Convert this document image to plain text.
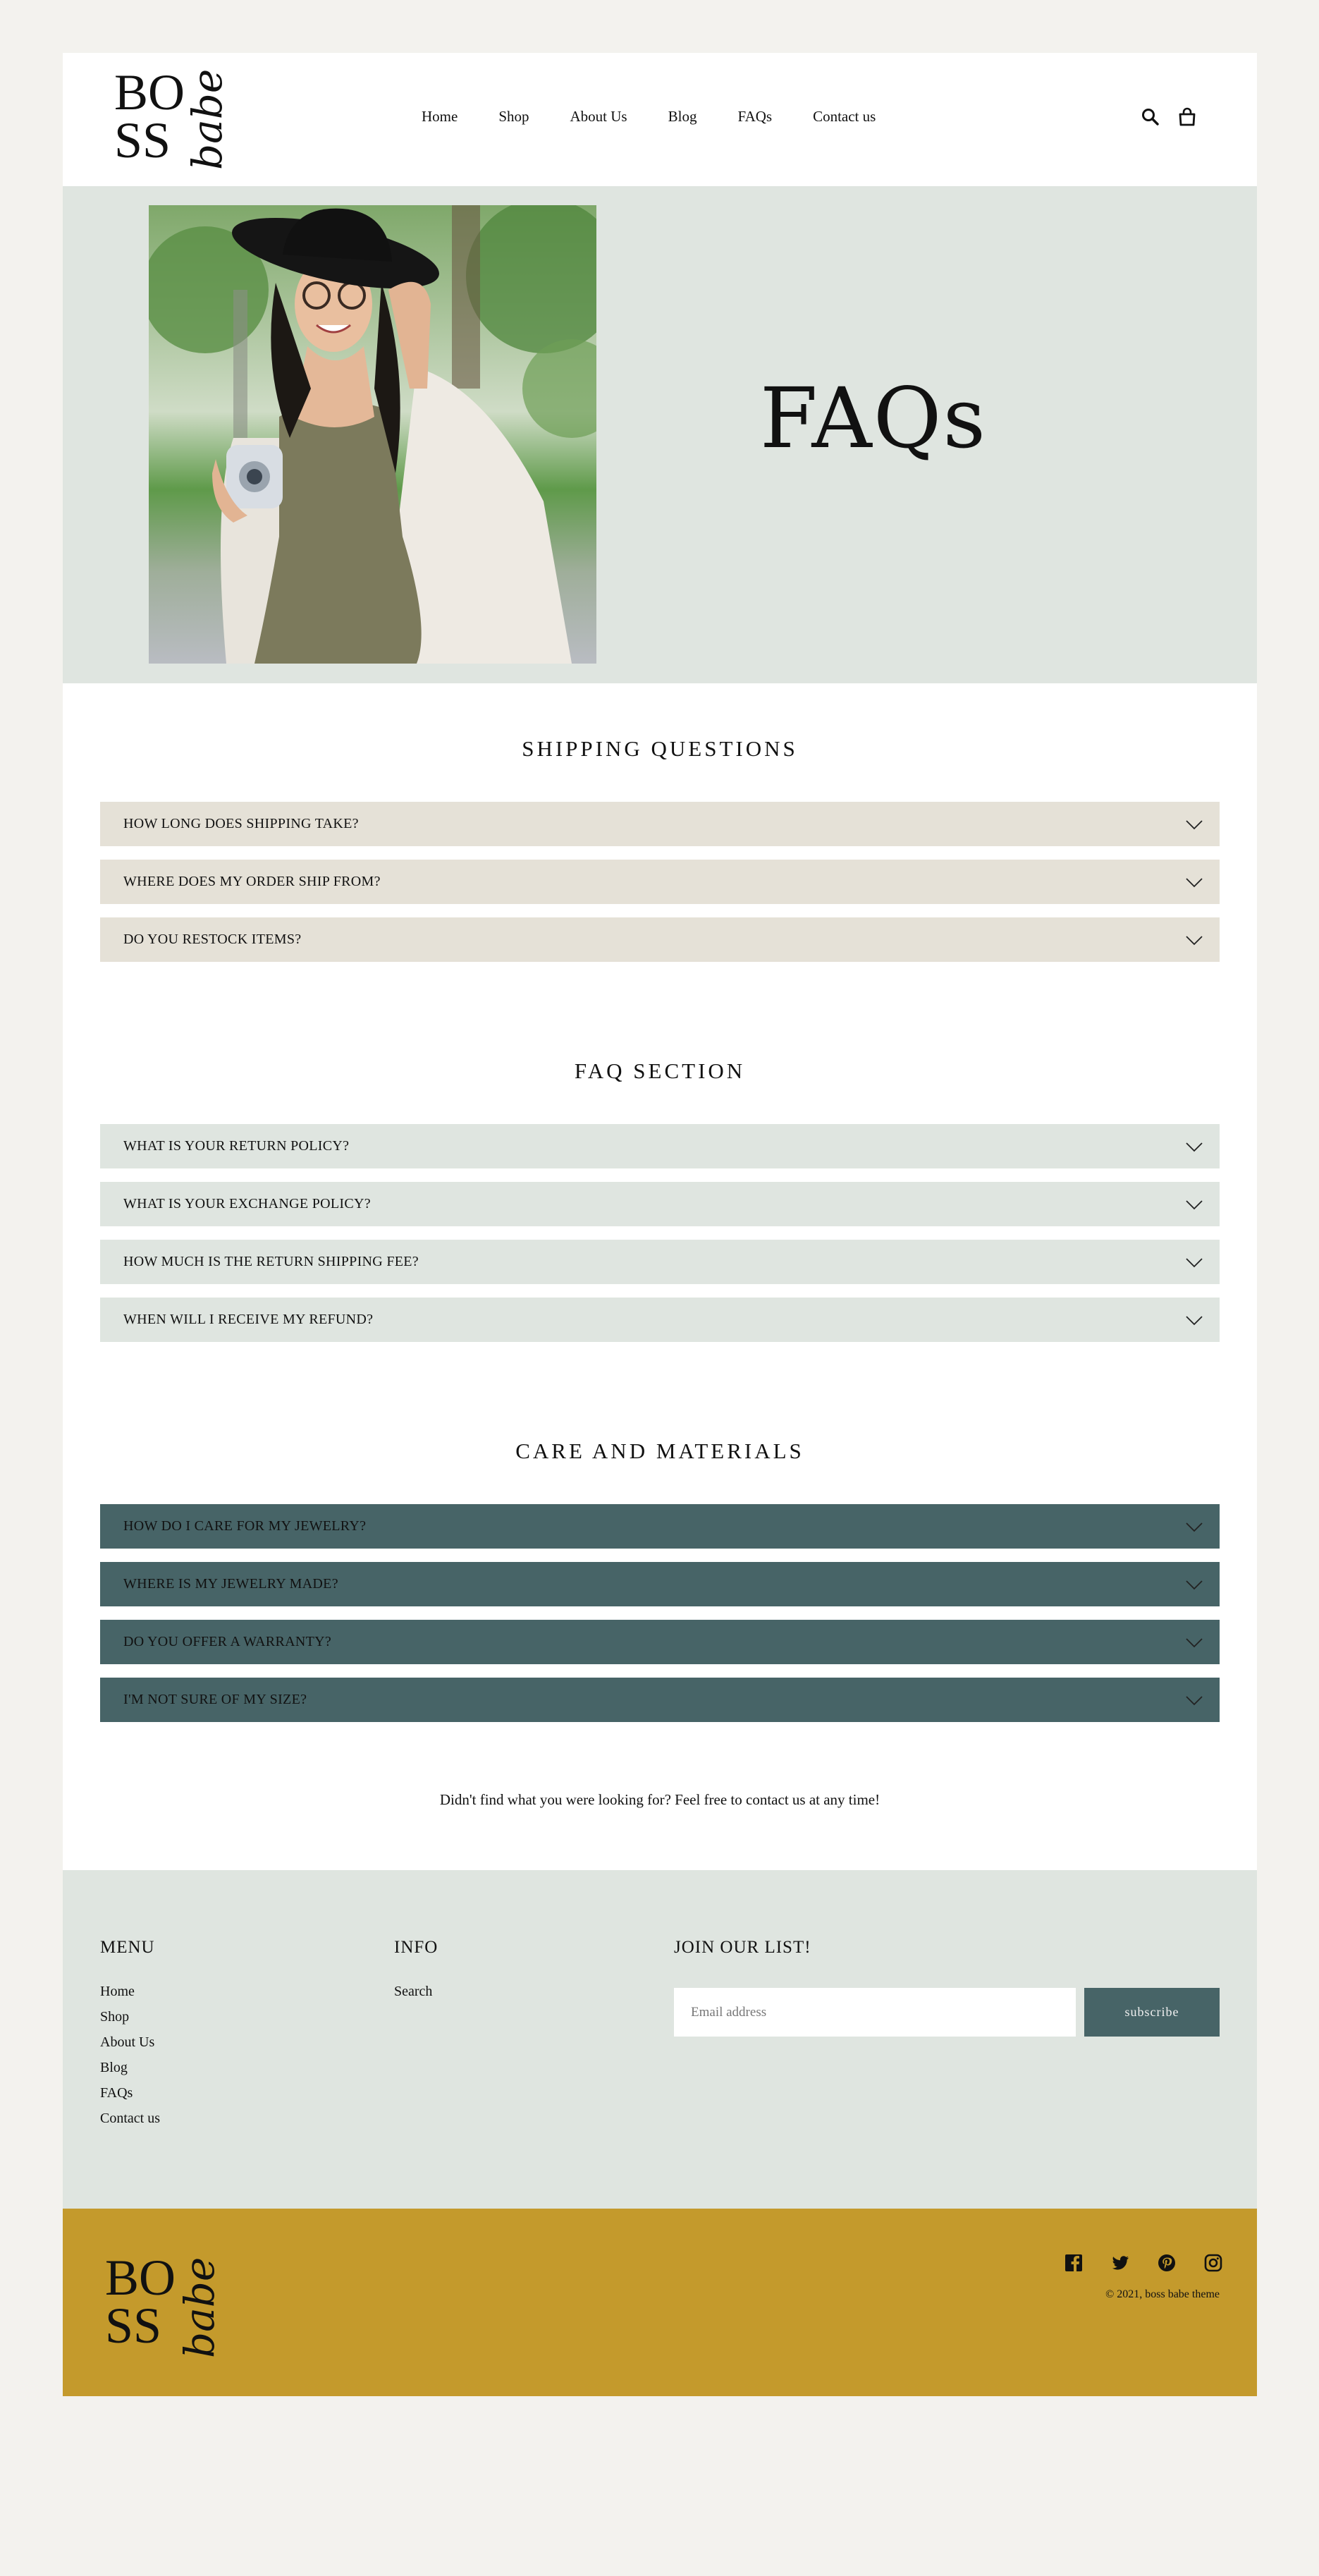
BO
SS babe	Home	Shop	About Us	Blog	FAQs	Contact us
FAQs
SHIPPING QUESTIONS
HOW LONG DOES SHIPPING TAKE?
WHERE DOES MY ORDER SHIP FROM?
DO YOU RESTOCK ITEMS?
FAQ SECTION
WHAT IS YOUR RETURN POLICY?
WHAT IS YOUR EXCHANGE POLICY?
HOW MUCH IS THE RETURN SHIPPING FEE?
WHEN WILL I RECEIVE MY REFUND?
CARE AND MATERIALS
HOW DO I CARE FOR MY JEWELRY?
WHERE IS MY JEWELRY MADE?
DO YOU OFFER A WARRANTY?
I'M NOT SURE OF MY SIZE?

Didn't find what you were looking for? Feel free to contact us at any time!

MENU
Home
Shop
About Us
Blog
FAQs
Contact us
INFO
Search
JOIN OUR LIST!
Email address
subscribe
BO
SS babe	© 2021, boss babe theme
